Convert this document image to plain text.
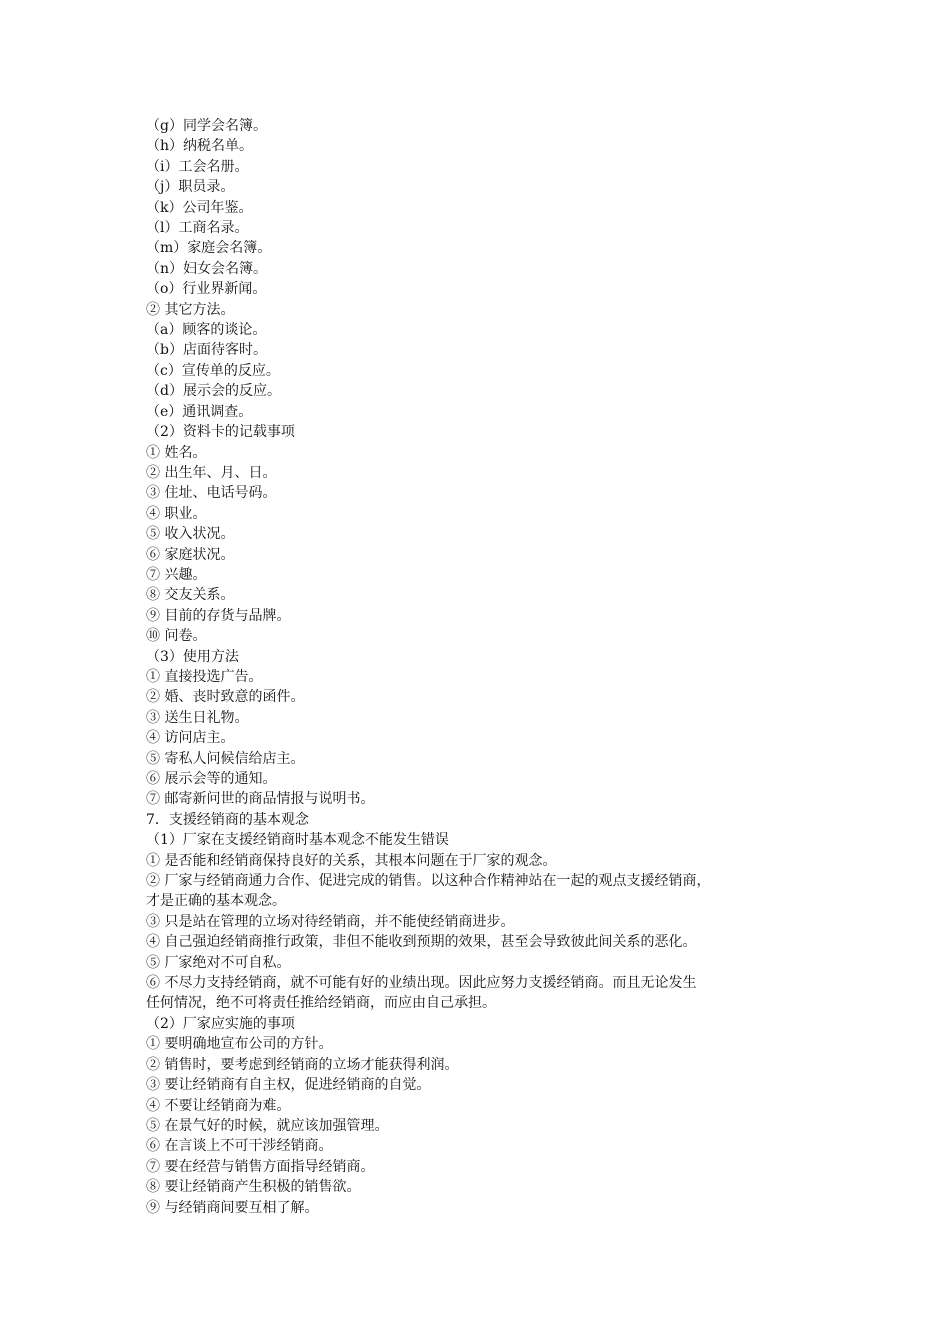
（g）同学会名簿。
（h）纳税名单。
（i）工会名册。
（j）职员录。
（k）公司年鉴。
（l）工商名录。
（m）家庭会名簿。
（n）妇女会名簿。
（o）行业界新闻。
② 其它方法。
（a）顾客的谈论。
（b）店面待客时。
（c）宣传单的反应。
（d）展示会的反应。
（e）通讯调查。
（2）资料卡的记载事项
① 姓名。
② 出生年、月、日。
③ 住址、电话号码。
④ 职业。
⑤ 收入状况。
⑥ 家庭状况。
⑦ 兴趣。
⑧ 交友关系。
⑨ 目前的存货与品牌。
⑩ 问卷。
（3）使用方法
① 直接投选广告。
② 婚、丧时致意的函件。
③ 送生日礼物。
④ 访问店主。
⑤ 寄私人问候信给店主。
⑥ 展示会等的通知。
⑦ 邮寄新问世的商品情报与说明书。
7．支援经销商的基本观念
（1）厂家在支援经销商时基本观念不能发生错误
① 是否能和经销商保持良好的关系，其根本问题在于厂家的观念。
② 厂家与经销商通力合作、促进完成的销售。以这种合作精神站在一起的观点支援经销商，
才是正确的基本观念。
③ 只是站在管理的立场对待经销商，并不能使经销商进步。
④ 自己强迫经销商推行政策，非但不能收到预期的效果，甚至会导致彼此间关系的恶化。
⑤ 厂家绝对不可自私。
⑥ 不尽力支持经销商，就不可能有好的业绩出现。因此应努力支援经销商。而且无论发生
任何情况，绝不可将责任推给经销商，而应由自己承担。
（2）厂家应实施的事项
① 要明确地宣布公司的方针。
② 销售时，要考虑到经销商的立场才能获得利润。
③ 要让经销商有自主权，促进经销商的自觉。
④ 不要让经销商为难。
⑤ 在景气好的时候，就应该加强管理。
⑥ 在言谈上不可干涉经销商。
⑦ 要在经营与销售方面指导经销商。
⑧ 要让经销商产生积极的销售欲。
⑨ 与经销商间要互相了解。
